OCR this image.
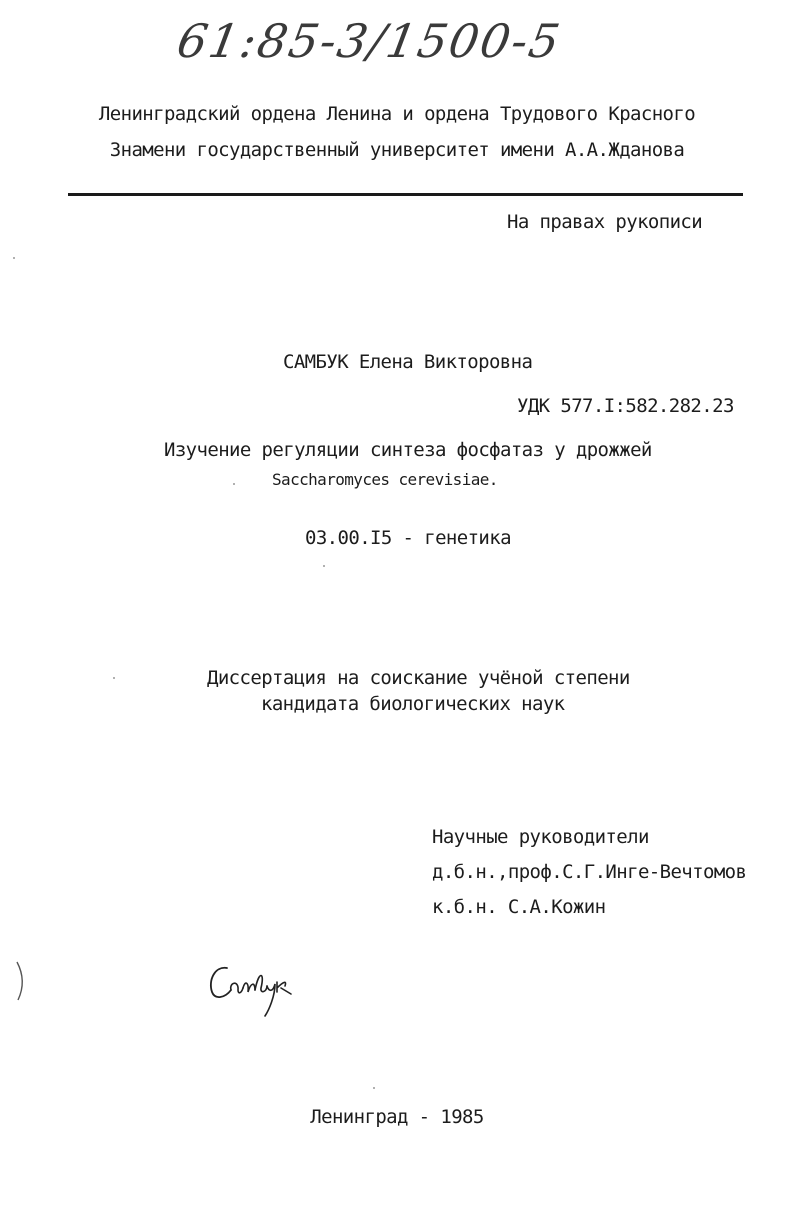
61:85-3/1500-5
Ленинградский ордена Ленина и ордена Трудового Красного
Знамени государственный университет имени А.А.Жданова
На правах рукописи
САМБУК Елена Викторовна
УДК 577.I:582.282.23
Изучение регуляции синтеза фосфатаз у дрожжей
Saccharomyces cerevisiae.
03.00.I5 - генетика
Диссертация на соискание учёной степени
кандидата биологических наук
Научные руководители
д.б.н.,проф.С.Г.Инге-Вечтомов
к.б.н. С.А.Кожин
Ленинград - 1985
